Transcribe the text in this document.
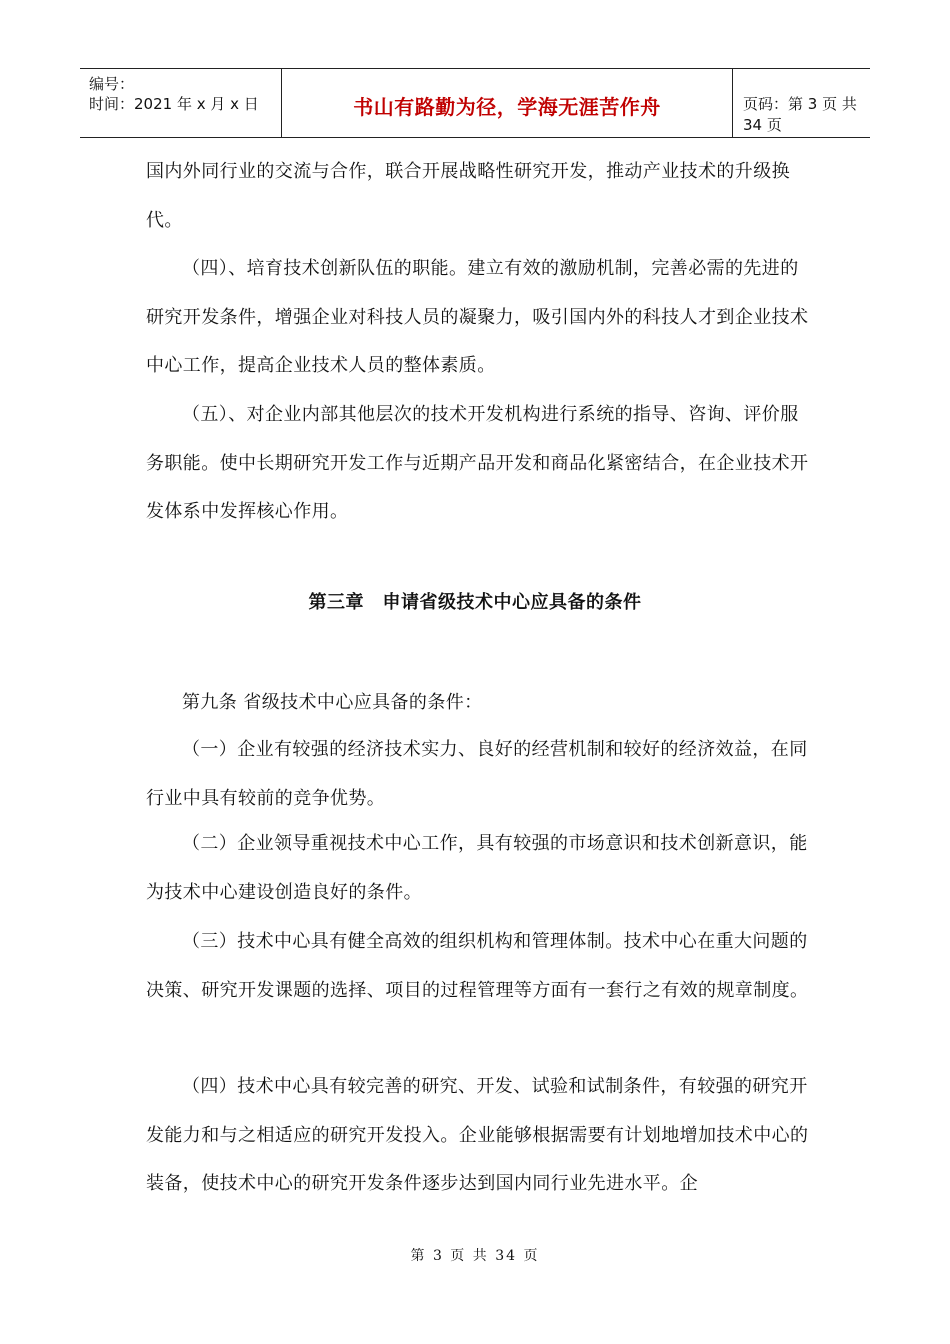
编号：
时间：2021 年 x 月 x 日	书山有路勤为径，学海无涯苦作舟	页码：第 3 页 共 34 页

国内外同行业的交流与合作，联合开展战略性研究开发，推动产业技术的升级换代。

（四）、培育技术创新队伍的职能。建立有效的激励机制，完善必需的先进的研究开发条件，增强企业对科技人员的凝聚力，吸引国内外的科技人才到企业技术中心工作，提高企业技术人员的整体素质。

（五）、对企业内部其他层次的技术开发机构进行系统的指导、咨询、评价服务职能。使中长期研究开发工作与近期产品开发和商品化紧密结合，在企业技术开发体系中发挥核心作用。

第三章　申请省级技术中心应具备的条件

第九条 省级技术中心应具备的条件：

（一）企业有较强的经济技术实力、良好的经营机制和较好的经济效益，在同行业中具有较前的竞争优势。

（二）企业领导重视技术中心工作，具有较强的市场意识和技术创新意识，能为技术中心建设创造良好的条件。

（三）技术中心具有健全高效的组织机构和管理体制。技术中心在重大问题的决策、研究开发课题的选择、项目的过程管理等方面有一套行之有效的规章制度。

（四）技术中心具有较完善的研究、开发、试验和试制条件，有较强的研究开发能力和与之相适应的研究开发投入。企业能够根据需要有计划地增加技术中心的装备，使技术中心的研究开发条件逐步达到国内同行业先进水平。企

第 3 页 共 34 页
